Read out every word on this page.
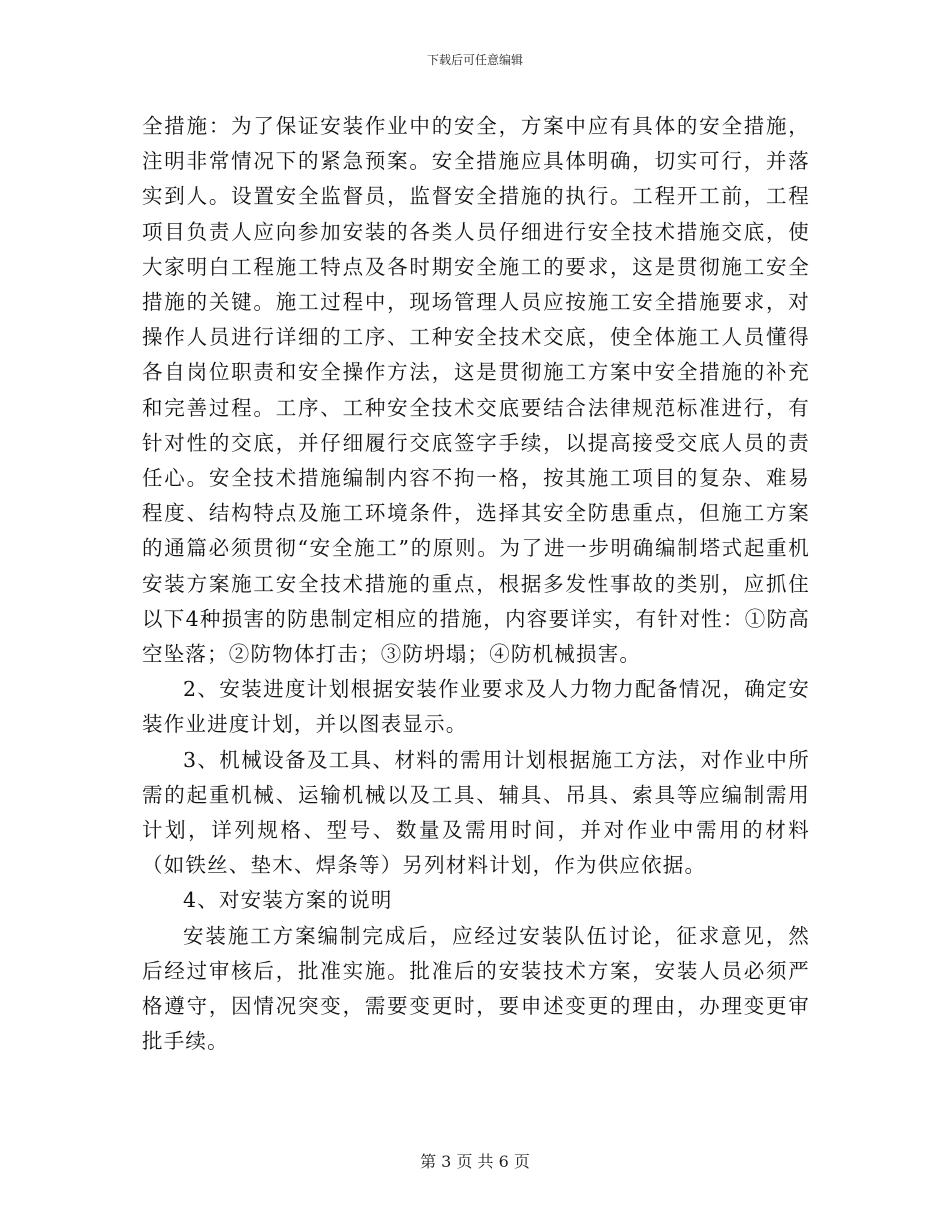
下载后可任意编辑

全措施：为了保证安装作业中的安全，方案中应有具体的安全措施，注明非常情况下的紧急预案。安全措施应具体明确，切实可行，并落实到人。设置安全监督员，监督安全措施的执行。工程开工前，工程项目负责人应向参加安装的各类人员仔细进行安全技术措施交底，使大家明白工程施工特点及各时期安全施工的要求，这是贯彻施工安全措施的关键。施工过程中，现场管理人员应按施工安全措施要求，对操作人员进行详细的工序、工种安全技术交底，使全体施工人员懂得各自岗位职责和安全操作方法，这是贯彻施工方案中安全措施的补充和完善过程。工序、工种安全技术交底要结合法律规范标准进行，有针对性的交底，并仔细履行交底签字手续，以提高接受交底人员的责任心。安全技术措施编制内容不拘一格，按其施工项目的复杂、难易程度、结构特点及施工环境条件，选择其安全防患重点，但施工方案的通篇必须贯彻“安全施工”的原则。为了进一步明确编制塔式起重机安装方案施工安全技术措施的重点，根据多发性事故的类别，应抓住以下4种损害的防患制定相应的措施，内容要详实，有针对性：①防高空坠落；②防物体打击；③防坍塌；④防机械损害。

2、安装进度计划根据安装作业要求及人力物力配备情况，确定安装作业进度计划，并以图表显示。

3、机械设备及工具、材料的需用计划根据施工方法，对作业中所需的起重机械、运输机械以及工具、辅具、吊具、索具等应编制需用计划，详列规格、型号、数量及需用时间，并对作业中需用的材料（如铁丝、垫木、焊条等）另列材料计划，作为供应依据。

4、对安装方案的说明

安装施工方案编制完成后，应经过安装队伍讨论，征求意见，然后经过审核后，批准实施。批准后的安装技术方案，安装人员必须严格遵守，因情况突变，需要变更时，要申述变更的理由，办理变更审批手续。

第 3 页 共 6 页
